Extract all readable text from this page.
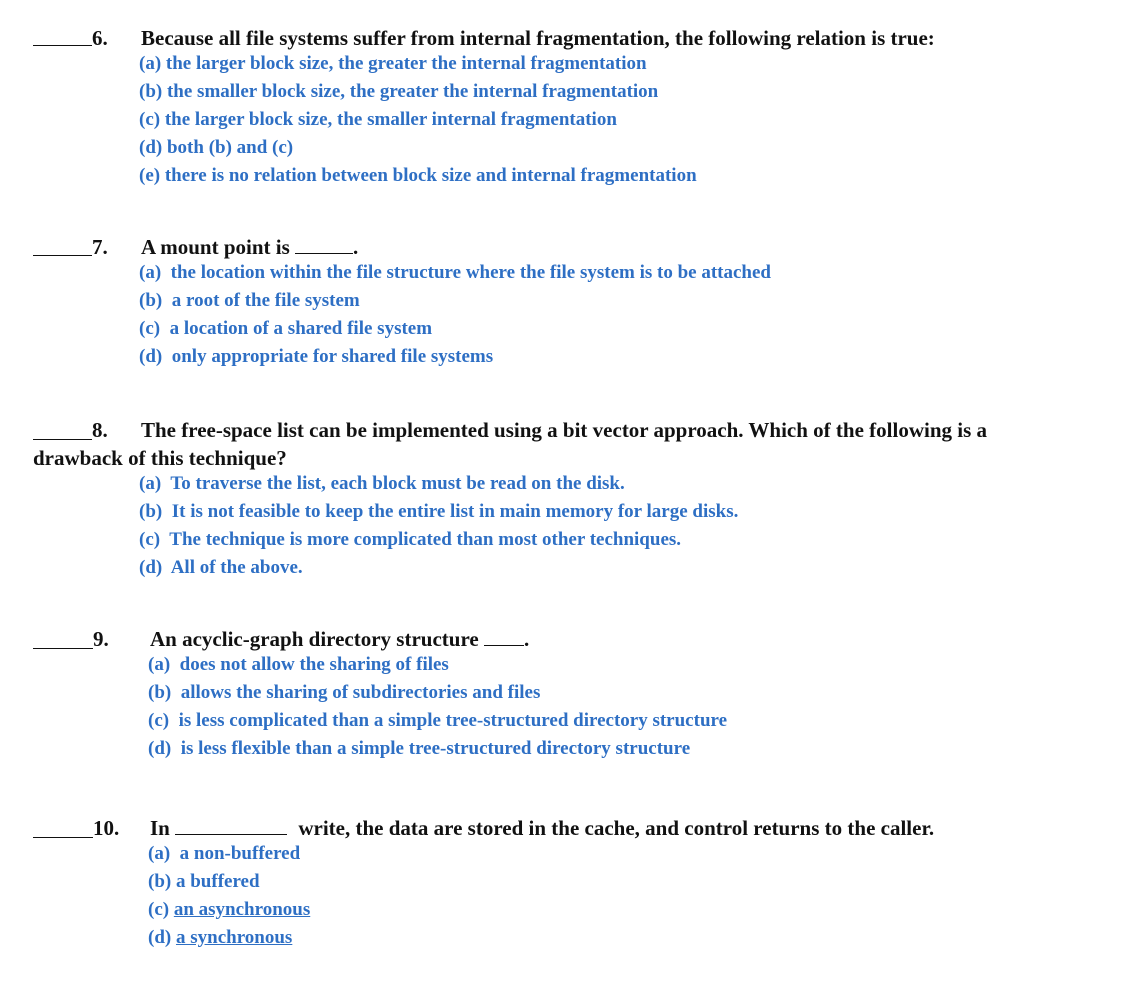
6. Because all file systems suffer from internal fragmentation, the following relation is true:
(a) the larger block size, the greater the internal fragmentation
(b) the smaller block size, the greater the internal fragmentation
(c) the larger block size, the smaller internal fragmentation
(d) both (b) and (c)
(e) there is no relation between block size and internal fragmentation
7. A mount point is	.
(a) the location within the file structure where the file system is to be attached
(b) a root of the file system
(c) a location of a shared file system
(d) only appropriate for shared file systems
8. The free-space list can be implemented using a bit vector approach. Which of the following is a
drawback of this technique?
(a) To traverse the list, each block must be read on the disk.
(b) It is not feasible to keep the entire list in main memory for large disks.
(c) The technique is more complicated than most other techniques.
(d) All of the above.
9. An acyclic-graph directory structure .
(a) does not allow the sharing of files
(b) allows the sharing of subdirectories and files
(c) is less complicated than a simple tree-structured directory structure
(d) is less flexible than a simple tree-structured directory structure
10. In	write, the data are stored in the cache, and control returns to the caller.
(a) a non-buffered
(b) a buffered
(c) an asynchronous
(d) a synchronous
